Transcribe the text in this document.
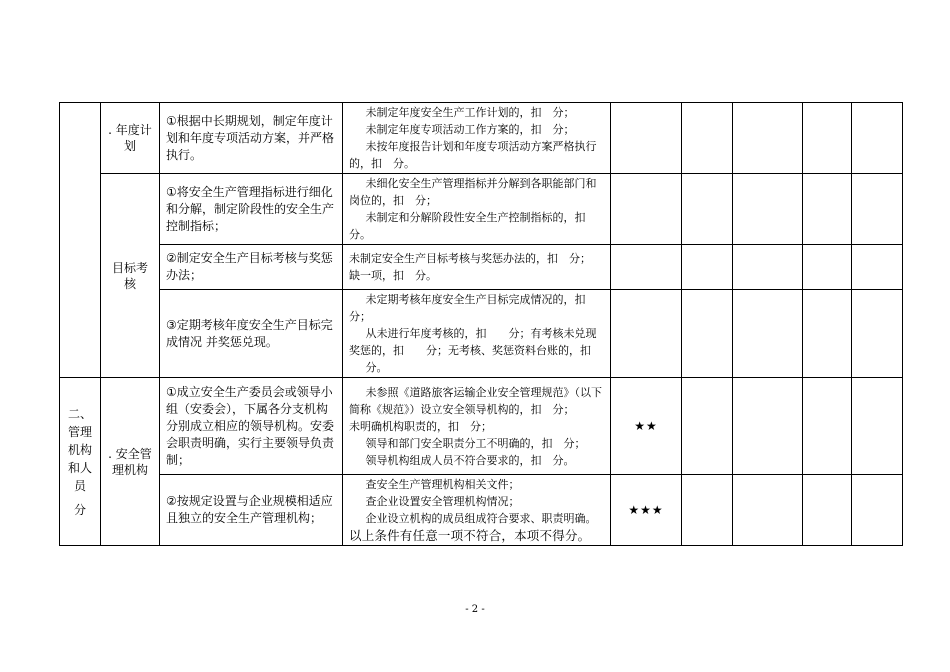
	. 年度计划	①根据中长期规划，制定年度计划和年度专项活动方案，并严格执行。	未制定年度安全生产工作计划的，扣　分；
未制定年度专项活动工作方案的，扣　分；
未按年度报告计划和年度专项活动方案严格执行的，扣　分。					

	目标考核	①将安全生产管理指标进行细化和分解，制定阶段性的安全生产控制指标；	未细化安全生产管理指标并分解到各职能部门和岗位的，扣　分；
未制定和分解阶段性安全生产控制指标的，扣分。					

		②制定安全生产目标考核与奖惩办法；	未制定安全生产目标考核与奖惩办法的，扣　分；
缺一项，扣　分。					

		③定期考核年度安全生产目标完成情况 并奖惩兑现。	未定期考核年度安全生产目标完成情况的，扣分；
从未进行年度考核的，扣　　分；有考核未兑现奖惩的，扣　　分；无考核、奖惩资料台账的，扣
分。					

二、管理机构和人员
分	. 安全管理机构	①成立安全生产委员会或领导小组（安委会），下属各分支机构分别成立相应的领导机构。安委会职责明确，实行主要领导负责制；	未参照《道路旅客运输企业安全管理规范》（以下简称《规范》）设立安全领导机构的，扣　分；
未明确机构职责的，扣　分；
领导和部门安全职责分工不明确的，扣　分；
领导机构组成人员不符合要求的，扣　分。	★★				
		②按规定设置与企业规模相适应且独立的安全生产管理机构；	查安全生产管理机构相关文件；
查企业设置安全管理机构情况；
企业设立机构的成员组成符合要求、职责明确。
以上条件有任意一项不符合，本项不得分。	★★★				
- 2 -
